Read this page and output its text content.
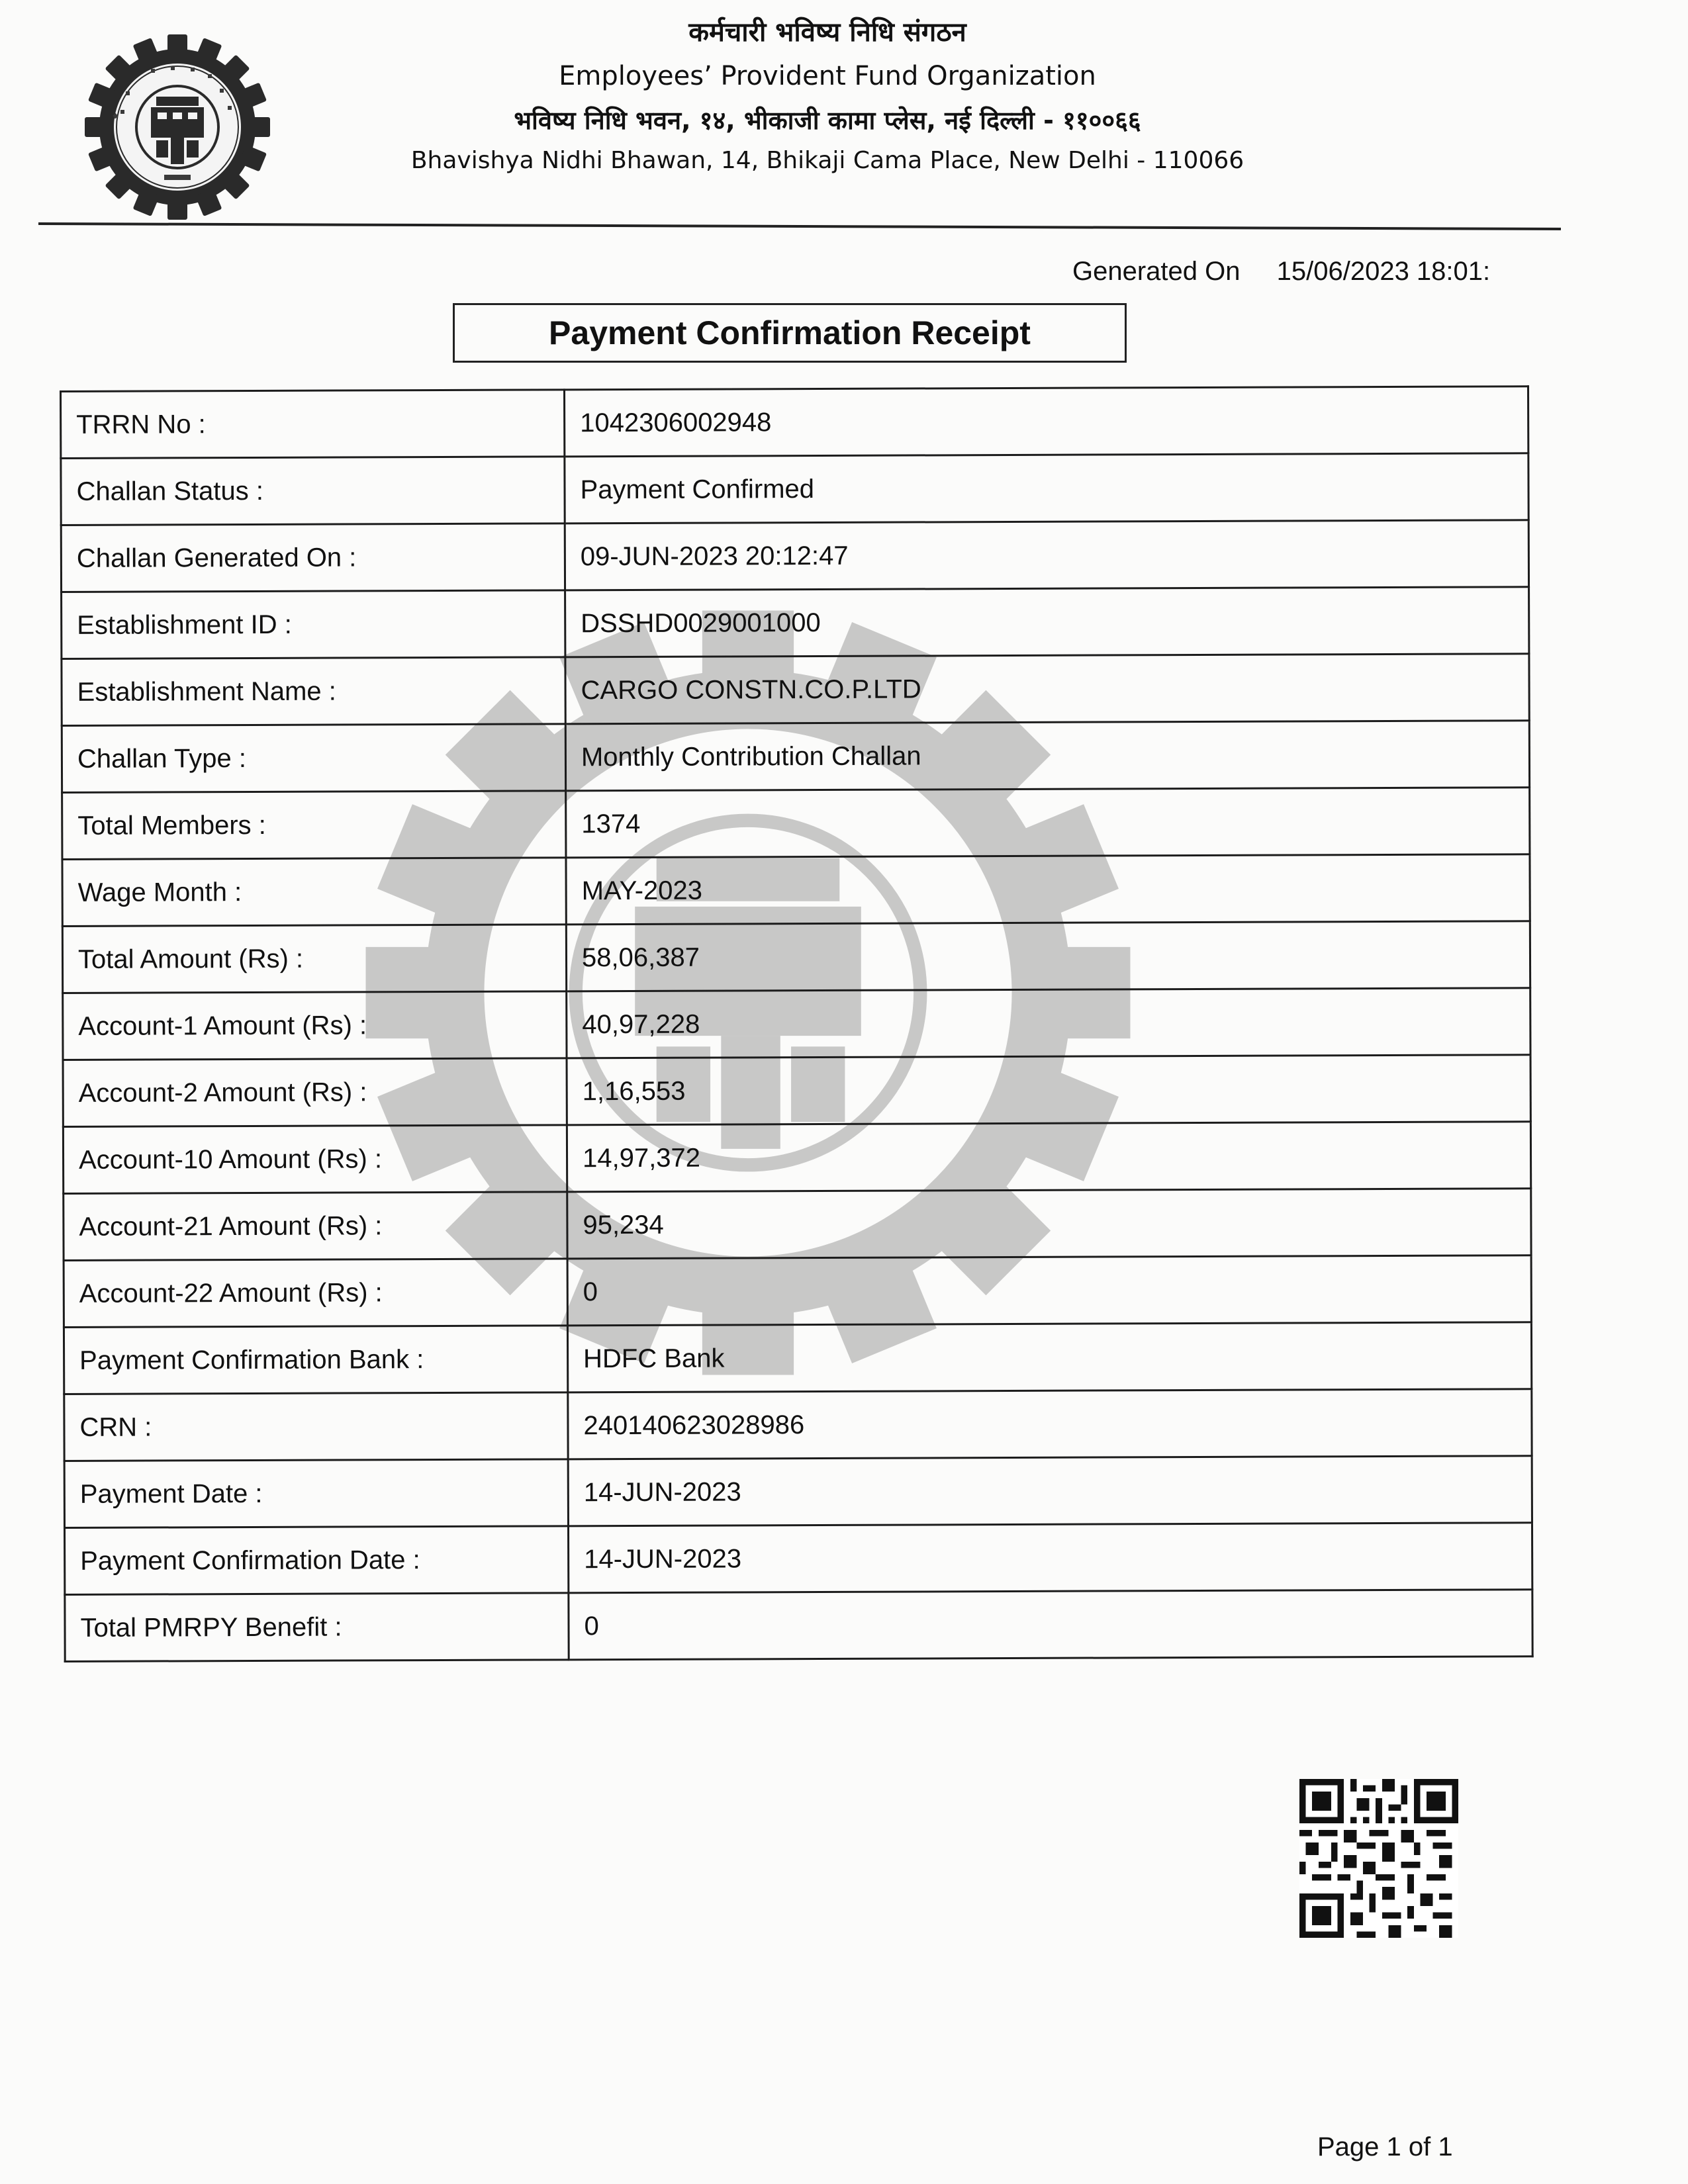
कर्मचारी भविष्य निधि संगठन
Employees’ Provident Fund Organization
भविष्य निधि भवन, १४, भीकाजी कामा प्लेस, नई दिल्ली - ११००६६
Bhavishya Nidhi Bhawan, 14, Bhikaji Cama Place, New Delhi - 110066
Generated On 15/06/2023 18:01:
Payment Confirmation Receipt
TRRN No :	1042306002948
Challan Status :	Payment Confirmed
Challan Generated On :	09-JUN-2023 20:12:47
Establishment ID :	DSSHD0029001000
Establishment Name :	CARGO CONSTN.CO.P.LTD
Challan Type :	Monthly Contribution Challan
Total Members :	1374
Wage Month :	MAY-2023
Total Amount (Rs) :	58,06,387
Account-1 Amount (Rs) :	40,97,228
Account-2 Amount (Rs) :	1,16,553
Account-10 Amount (Rs) :	14,97,372
Account-21 Amount (Rs) :	95,234
Account-22 Amount (Rs) :	0
Payment Confirmation Bank :	HDFC Bank
CRN :	240140623028986
Payment Date :	14-JUN-2023
Payment Confirmation Date :	14-JUN-2023
Total PMRPY Benefit :	0
Page 1 of 1
